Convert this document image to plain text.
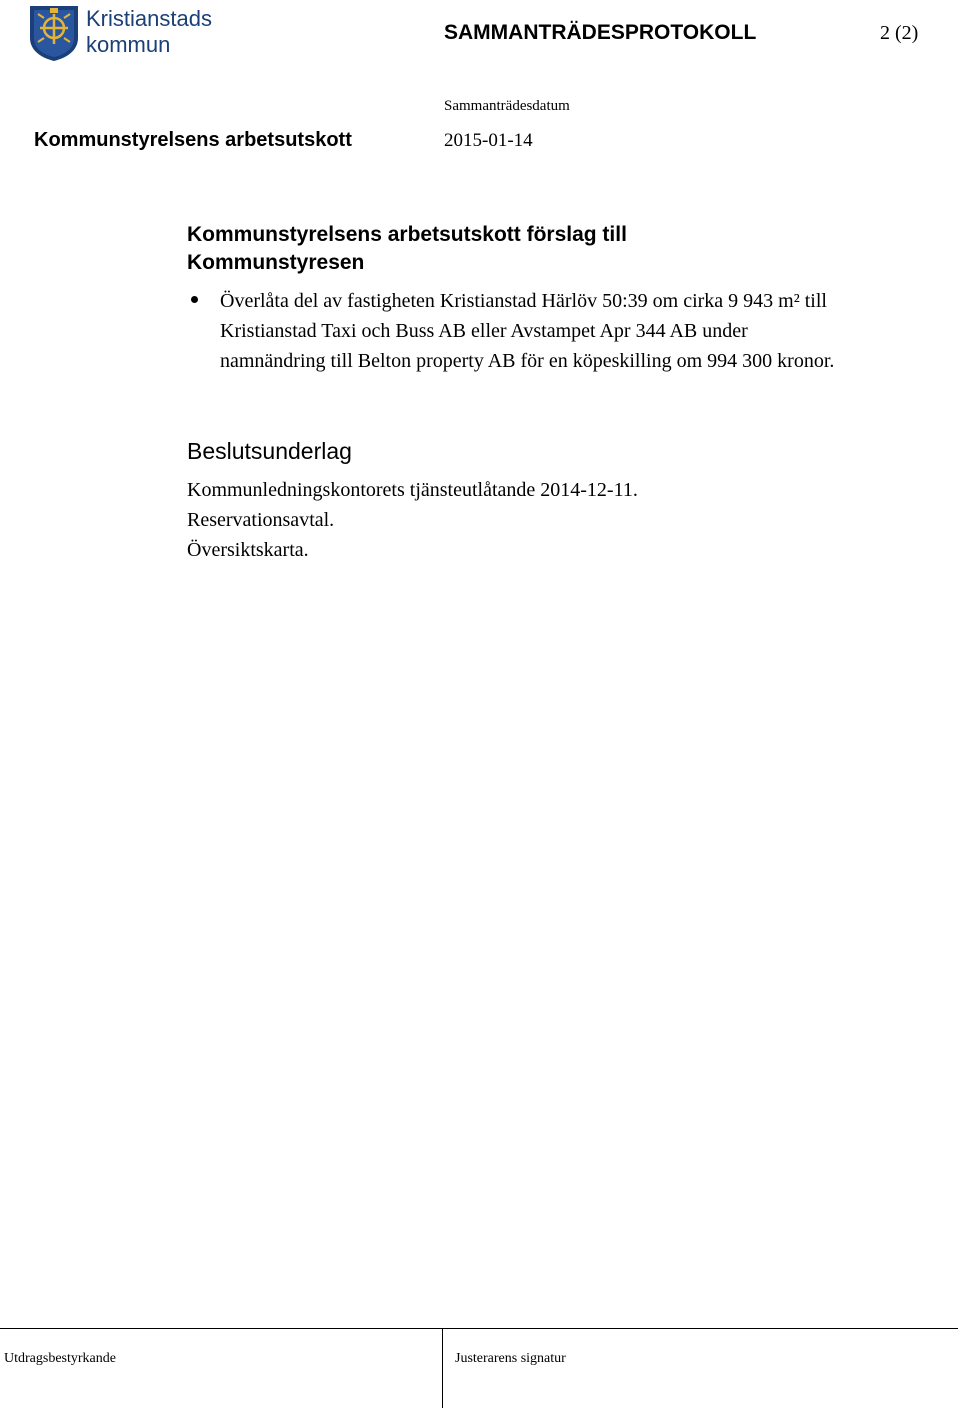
Kristianstads
kommun	SAMMANTRÄDESPROTOKOLL	2 (2)
Sammanträdesdatum
Kommunstyrelsens arbetsutskott	2015-01-14
Kommunstyrelsens arbetsutskott förslag till Kommunstyresen
Överlåta del av fastigheten Kristianstad Härlöv 50:39 om cirka 9 943 m² till Kristianstad Taxi och Buss AB eller Avstampet Apr 344 AB under namnändring till Belton property AB för en köpeskilling om 994 300 kronor.
Beslutsunderlag
Kommunledningskontorets tjänsteutlåtande 2014-12-11.
Reservationsavtal.
Översiktskarta.
Utdragsbestyrkande	Justerarens signatur
